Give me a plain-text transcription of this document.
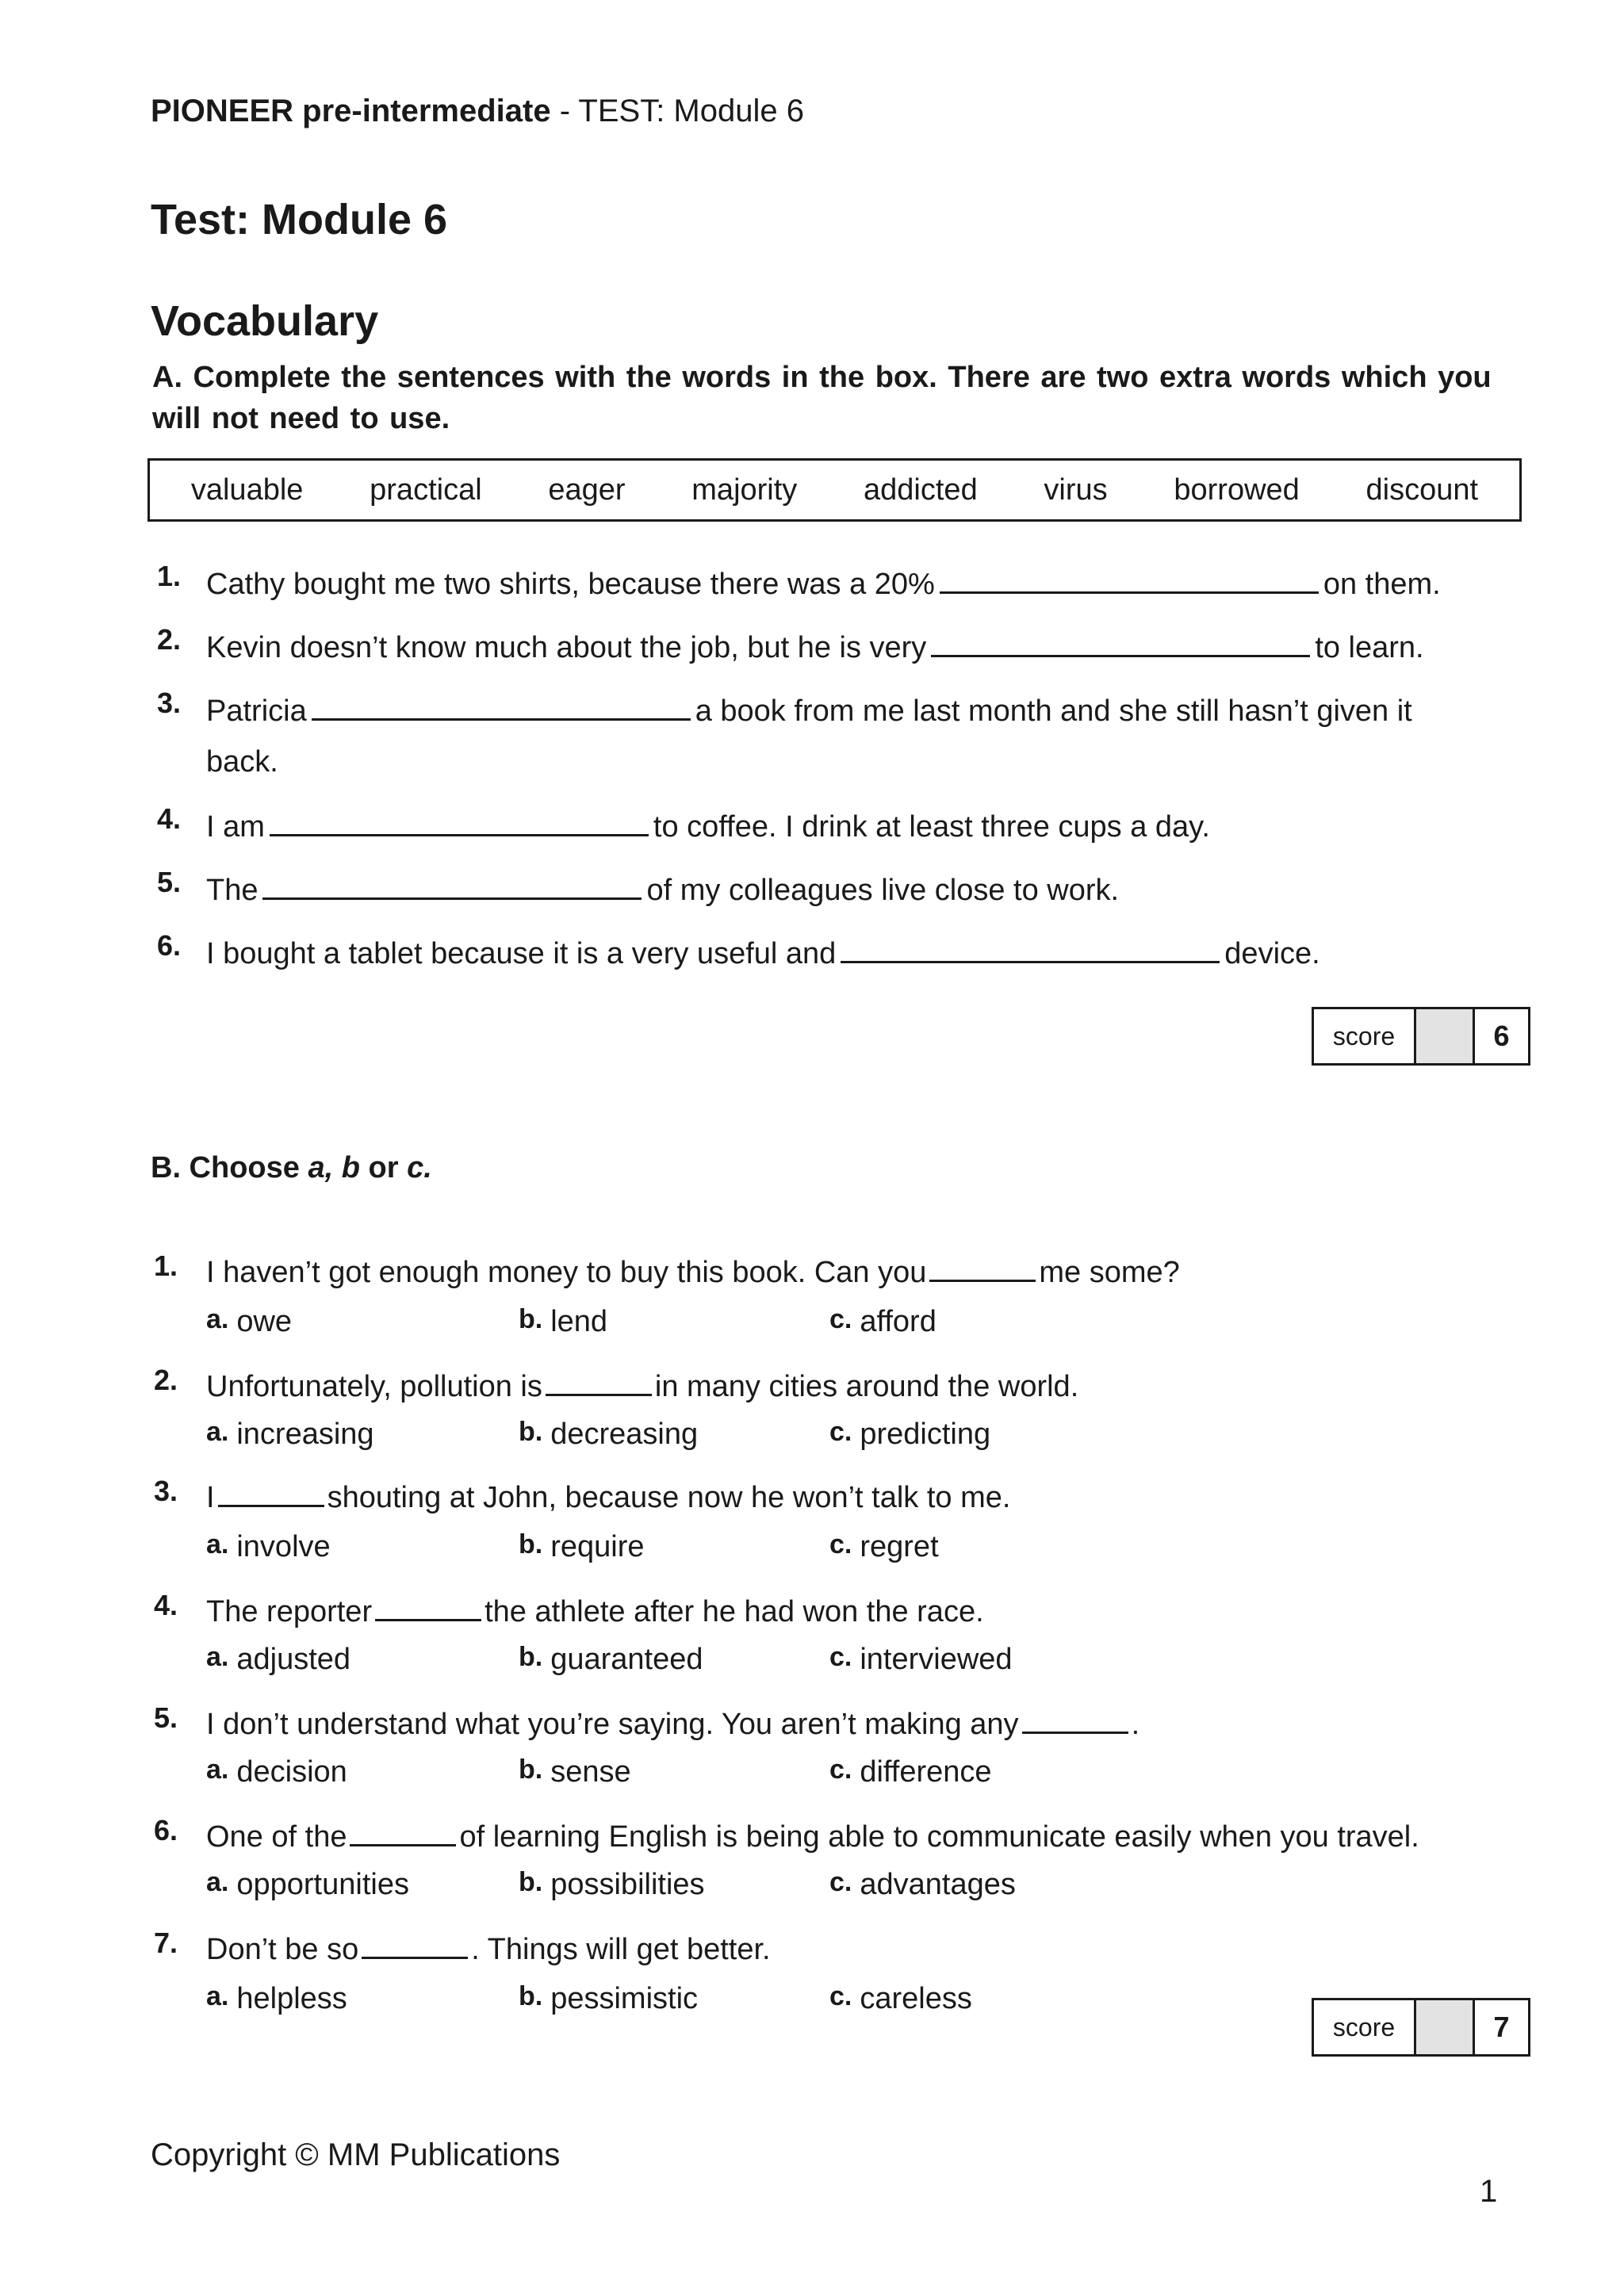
PIONEER pre-intermediate - TEST: Module 6
Test: Module 6
Vocabulary
A. Complete the sentences with the words in the box. There are two extra words which you will not need to use.
valuable practical eager majority addicted virus borrowed discount
1. Cathy bought me two shirts, because there was a 20%	on them.
2. Kevin doesn’t know much about the job, but he is very	to learn.
3. Patricia	a book from me last month and she still hasn’t given it
back.
4. I am	to coffee. I drink at least three cups a day.
5. The	of my colleagues live close to work.
6. I bought a tablet because it is a very useful and	device.
score	6
B. Choose a, b or c.
1. I haven’t got enough money to buy this book. Can you	me some?
a. owe	b. lend	c. afford
2. Unfortunately, pollution is	in many cities around the world.
a. increasing	b. decreasing	c. predicting
3. I	shouting at John, because now he won’t talk to me.
a. involve	b. require	c. regret
4. The reporter	the athlete after he had won the race.
a. adjusted	b. guaranteed	c. interviewed
5. I don’t understand what you’re saying. You aren’t making any	.
a. decision	b. sense	c. difference
6. One of the	of learning English is being able to communicate easily when you travel.
a. opportunities	b. possibilities	c. advantages
7. Don’t be so	. Things will get better.
a. helpless	b. pessimistic	c. careless
score	7
Copyright © MM Publications
1
